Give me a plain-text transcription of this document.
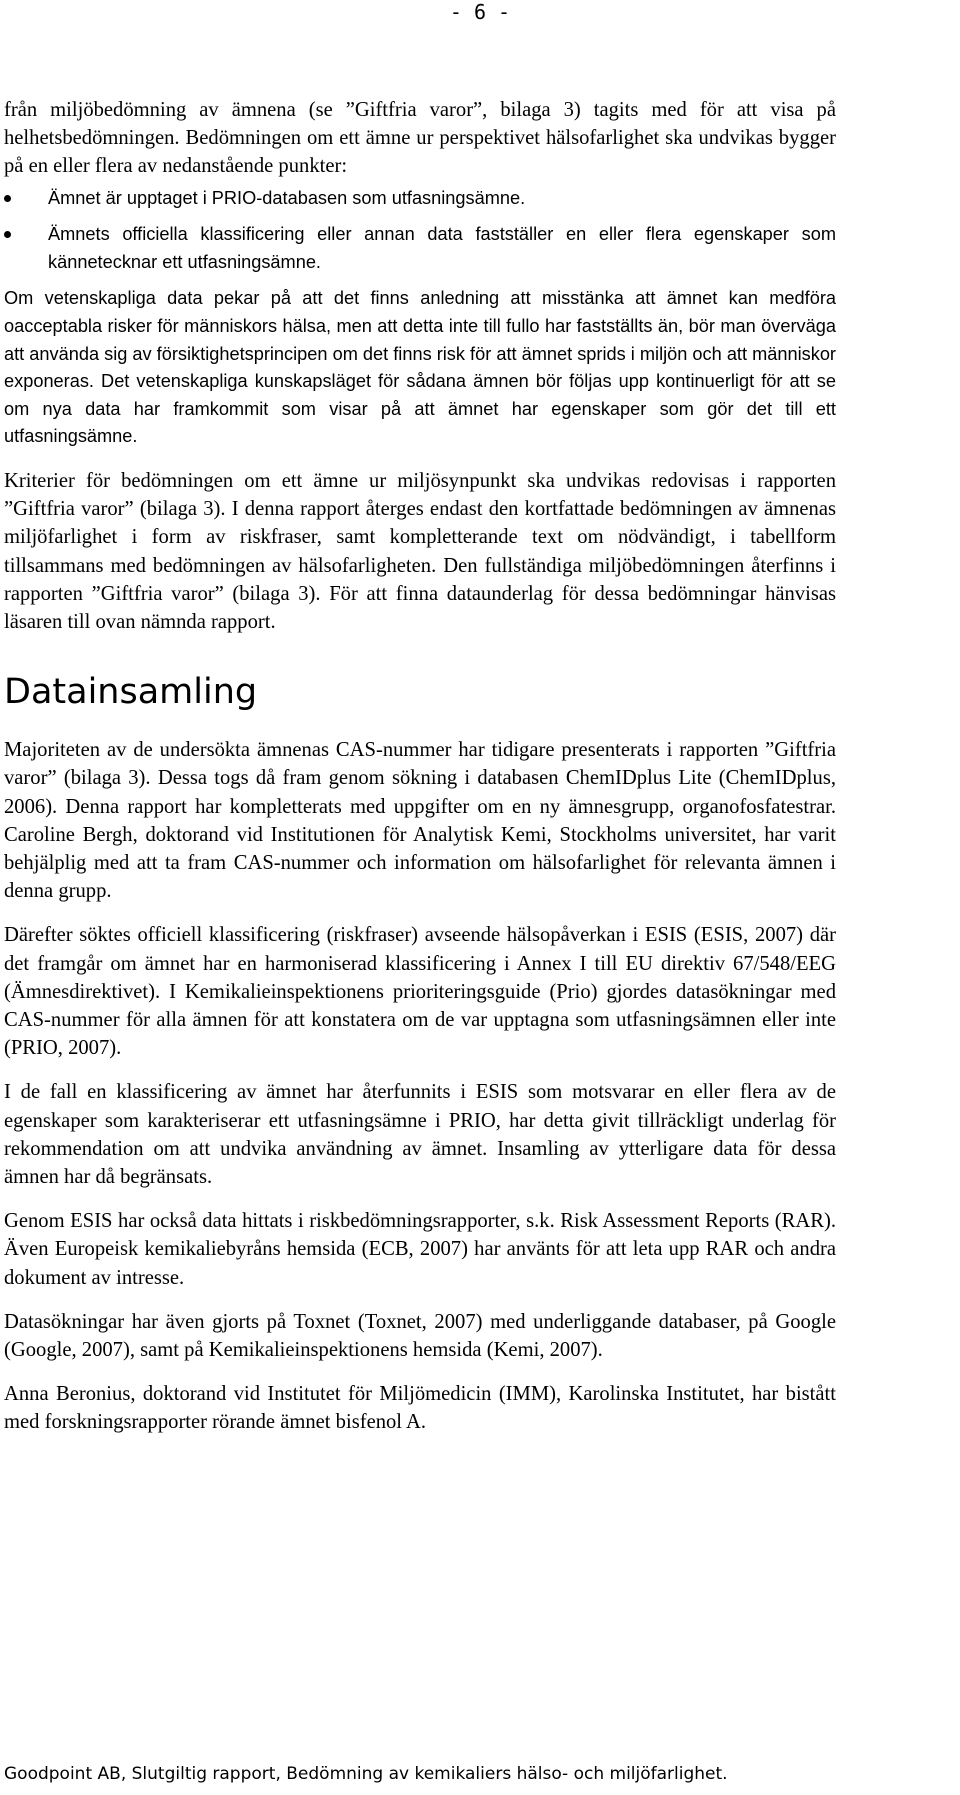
- 6 -

från miljöbedömning av ämnena (se ”Giftfria varor”, bilaga 3) tagits med för att visa på helhetsbedömningen. Bedömningen om ett ämne ur perspektivet hälsofarlighet ska undvikas bygger på en eller flera av nedanstående punkter:

Ämnet är upptaget i PRIO-databasen som utfasningsämne.
Ämnets officiella klassificering eller annan data fastställer en eller flera egenskaper som kännetecknar ett utfasningsämne.

Om vetenskapliga data pekar på att det finns anledning att misstänka att ämnet kan medföra oacceptabla risker för människors hälsa, men att detta inte till fullo har fastställts än, bör man överväga att använda sig av försiktighetsprincipen om det finns risk för att ämnet sprids i miljön och att människor exponeras. Det vetenskapliga kunskapsläget för sådana ämnen bör följas upp kontinuerligt för att se om nya data har framkommit som visar på att ämnet har egenskaper som gör det till ett utfasningsämne.

Kriterier för bedömningen om ett ämne ur miljösynpunkt ska undvikas redovisas i rapporten ”Giftfria varor” (bilaga 3). I denna rapport återges endast den kortfattade bedömningen av ämnenas miljöfarlighet i form av riskfraser, samt kompletterande text om nödvändigt, i tabellform tillsammans med bedömningen av hälsofarligheten. Den fullständiga miljöbedömningen återfinns i rapporten ”Giftfria varor” (bilaga 3). För att finna dataunderlag för dessa bedömningar hänvisas läsaren till ovan nämnda rapport.

Datainsamling

Majoriteten av de undersökta ämnenas CAS-nummer har tidigare presenterats i rapporten ”Giftfria varor” (bilaga 3). Dessa togs då fram genom sökning i databasen ChemIDplus Lite (ChemIDplus, 2006). Denna rapport har kompletterats med uppgifter om en ny ämnesgrupp, organofosfatestrar. Caroline Bergh, doktorand vid Institutionen för Analytisk Kemi, Stockholms universitet, har varit behjälplig med att ta fram CAS-nummer och information om hälsofarlighet för relevanta ämnen i denna grupp.

Därefter söktes officiell klassificering (riskfraser) avseende hälsopåverkan i ESIS (ESIS, 2007) där det framgår om ämnet har en harmoniserad klassificering i Annex I till EU direktiv 67/548/EEG (Ämnesdirektivet). I Kemikalieinspektionens prioriteringsguide (Prio) gjordes datasökningar med CAS-nummer för alla ämnen för att konstatera om de var upptagna som utfasningsämnen eller inte (PRIO, 2007).

I de fall en klassificering av ämnet har återfunnits i ESIS som motsvarar en eller flera av de egenskaper som karakteriserar ett utfasningsämne i PRIO, har detta givit tillräckligt underlag för rekommendation om att undvika användning av ämnet. Insamling av ytterligare data för dessa ämnen har då begränsats.

Genom ESIS har också data hittats i riskbedömningsrapporter, s.k. Risk Assessment Reports (RAR). Även Europeisk kemikaliebyråns hemsida (ECB, 2007) har använts för att leta upp RAR och andra dokument av intresse.

Datasökningar har även gjorts på Toxnet (Toxnet, 2007) med underliggande databaser, på Google (Google, 2007), samt på Kemikalieinspektionens hemsida (Kemi, 2007).

Anna Beronius, doktorand vid Institutet för Miljömedicin (IMM), Karolinska Institutet, har bistått med forskningsrapporter rörande ämnet bisfenol A.

Goodpoint AB, Slutgiltig rapport, Bedömning av kemikaliers hälso- och miljöfarlighet.
